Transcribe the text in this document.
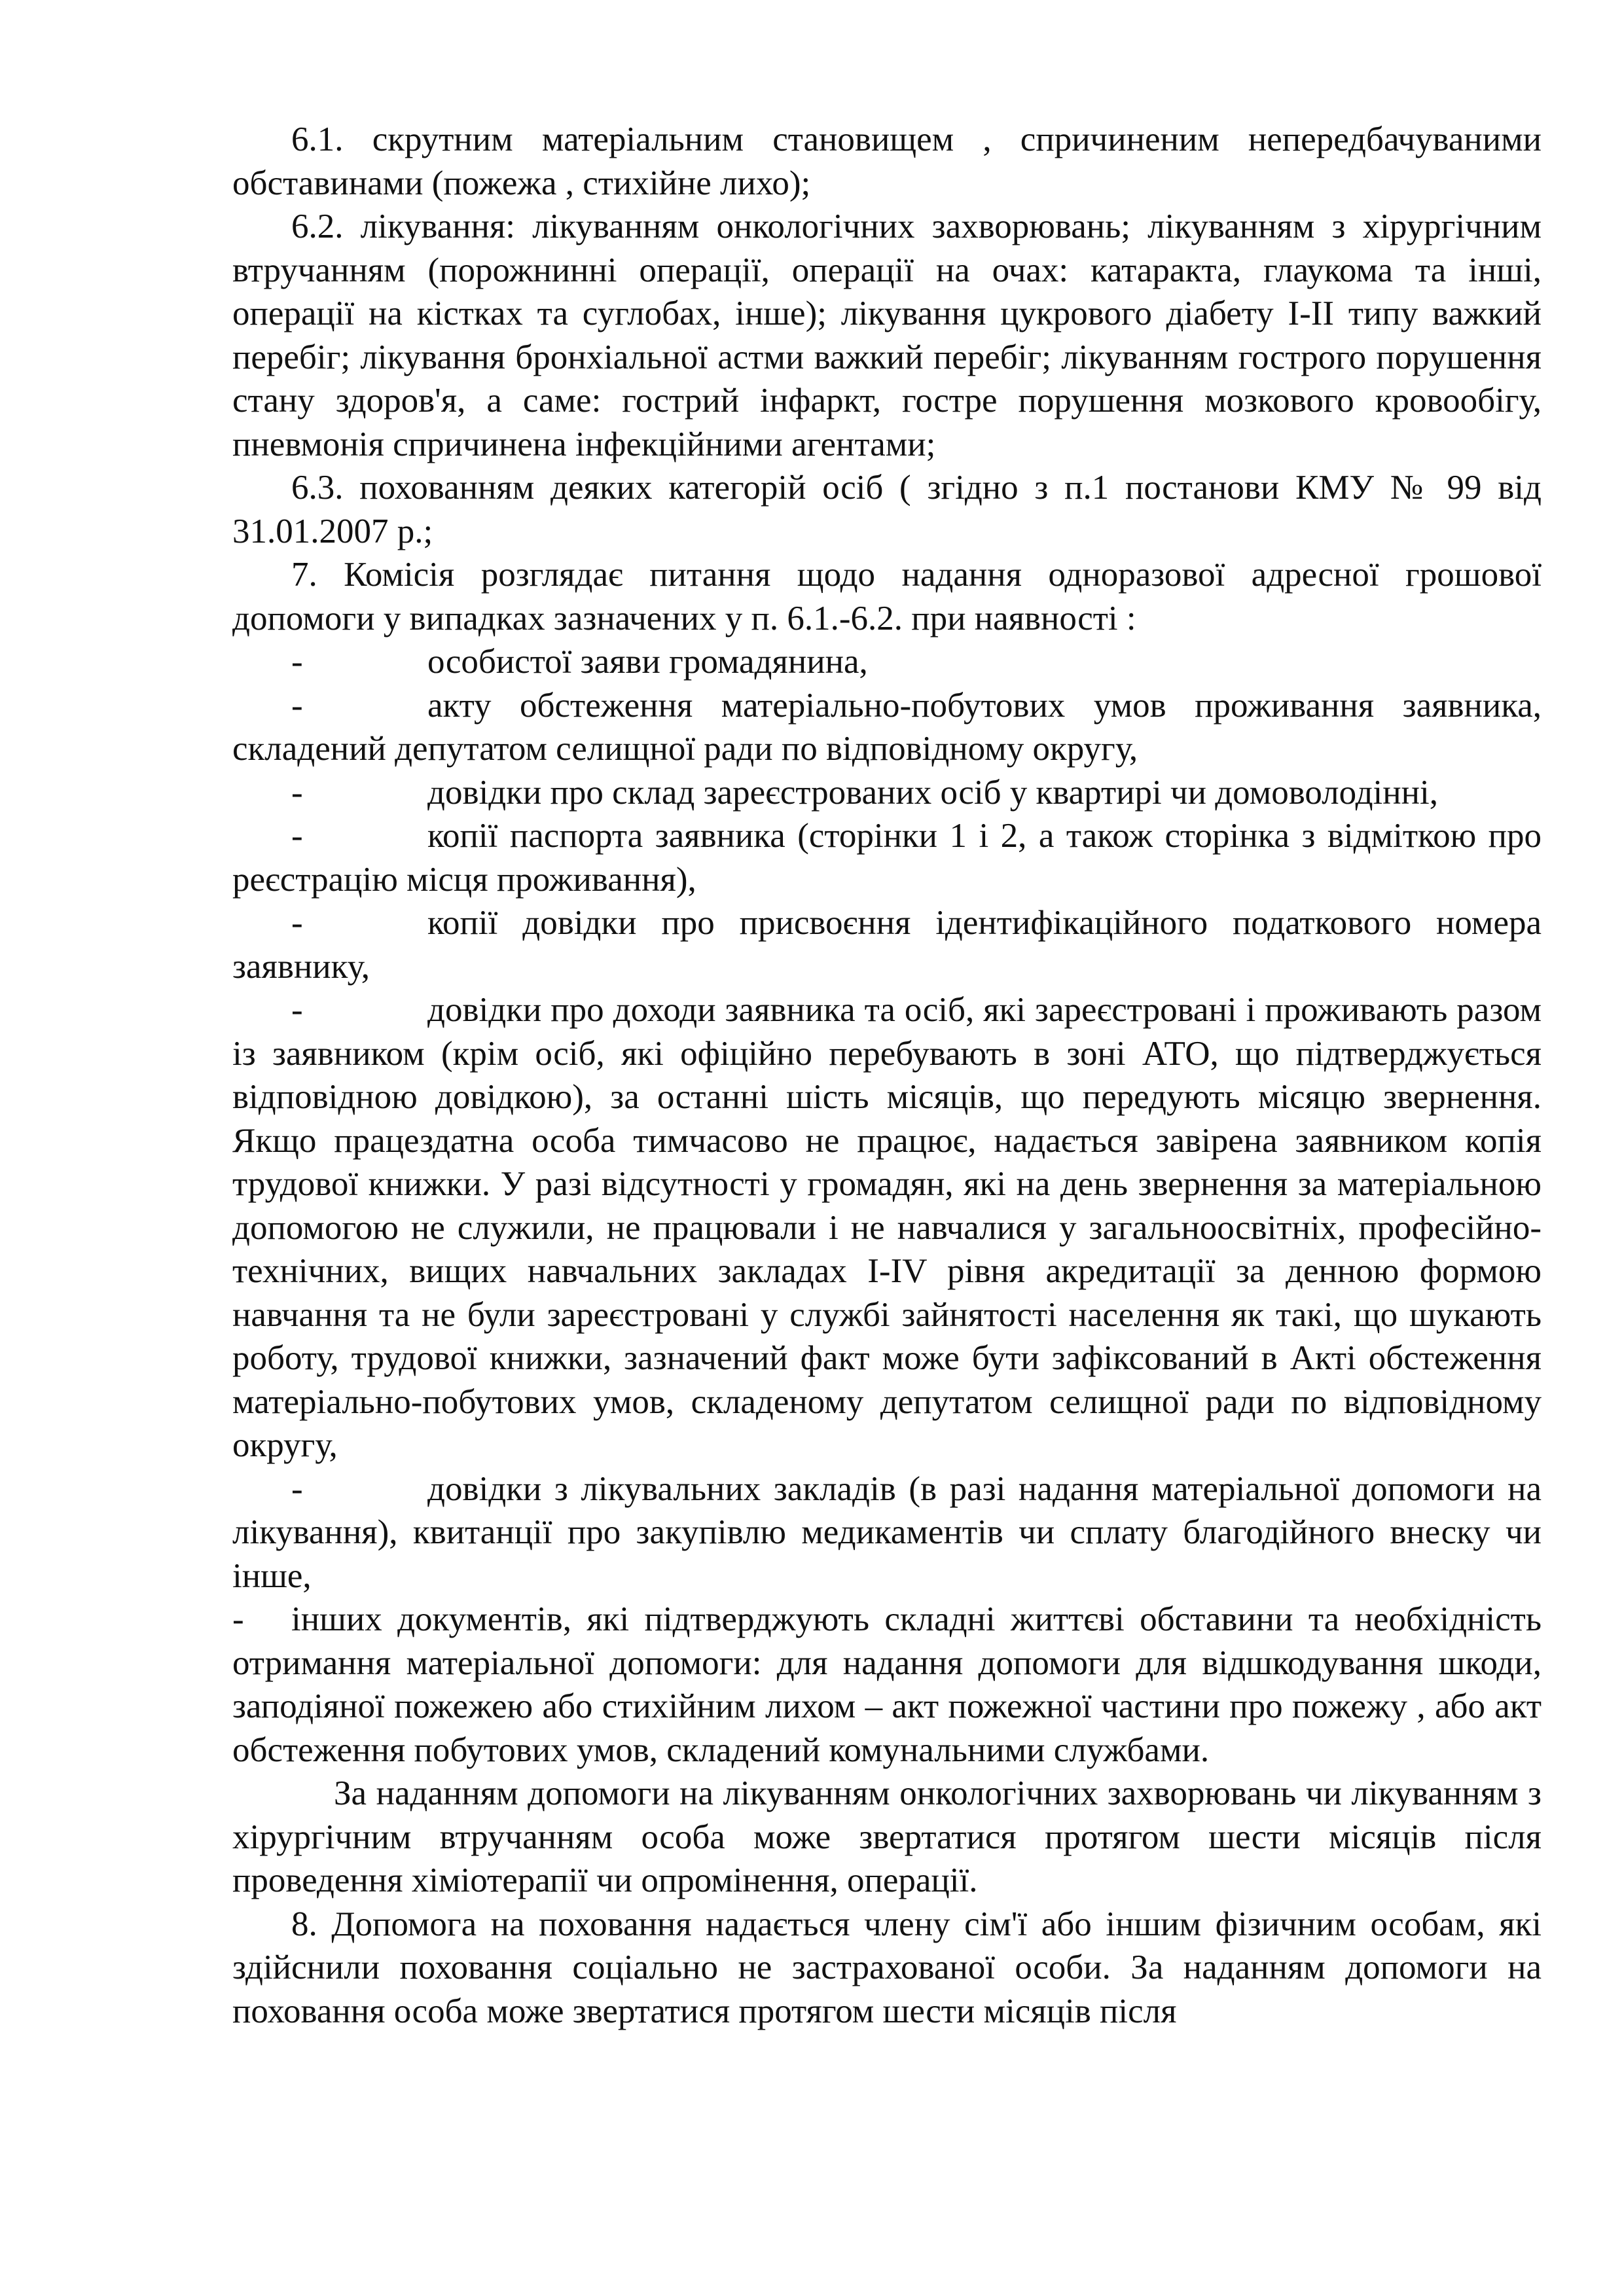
6.1. скрутним матеріальним становищем , спричиненим непередбачуваними обставинами (пожежа , стихійне лихо);

6.2. лікування: лікуванням онкологічних захворювань; лікуванням з хірургічним втручанням (порожнинні операції, операції на очах: катаракта, глаукома та інші, операції на кістках та суглобах, інше); лікування цукрового діабету I-II типу важкий перебіг; лікування бронхіальної астми важкий перебіг; лікуванням гострого порушення стану здоров'я, а саме: гострий інфаркт, гостре порушення мозкового кровообігу, пневмонія спричинена інфекційними агентами;

6.3. похованням деяких категорій осіб ( згідно з п.1 постанови КМУ № 99 від 31.01.2007 р.;

7. Комісія розглядає питання щодо надання одноразової адресної грошової допомоги у випадках зазначених у п. 6.1.-6.2. при наявності :

-	особистої заяви громадянина,

-	акту обстеження матеріально-побутових умов проживання заявника, складений депутатом селищної ради по відповідному округу,

-	довідки про склад зареєстрованих осіб у квартирі чи домоволодінні,

-	копії паспорта заявника (сторінки 1 і 2, а також сторінка з відміткою про реєстрацію місця проживання),

-	копії довідки про присвоєння ідентифікаційного податкового номера заявнику,

-	довідки про доходи заявника та осіб, які зареєстровані і проживають разом із заявником (крім осіб, які офіційно перебувають в зоні АТО, що підтверджується відповідною довідкою), за останні шість місяців, що передують місяцю звернення. Якщо працездатна особа тимчасово не працює, надається завірена заявником копія трудової книжки. У разі відсутності у громадян, які на день звернення за матеріальною допомогою не служили, не працювали і не навчалися у загальноосвітніх, професійно-технічних, вищих навчальних закладах I-IV рівня акредитації за денною формою навчання та не були зареєстровані у службі зайнятості населення як такі, що шукають роботу, трудової книжки, зазначений факт може бути зафіксований в Акті обстеження матеріально-побутових умов, складеному депутатом селищної ради по відповідному округу,

-	довідки з лікувальних закладів (в разі надання матеріальної допомоги на лікування), квитанції про закупівлю медикаментів чи сплату благодійного внеску чи інше,

- інших документів, які підтверджують складні життєві обставини та необхідність отримання матеріальної допомоги: для надання допомоги для відшкодування шкоди, заподіяної пожежею або стихійним лихом – акт пожежної частини про пожежу , або акт обстеження побутових умов, складений комунальними службами.

За наданням допомоги на лікуванням онкологічних захворювань чи лікуванням з хірургічним втручанням особа може звертатися протягом шести місяців після проведення хіміотерапії чи опромінення, операції.

8. Допомога на поховання надається члену сім'ї або іншим фізичним особам, які здійснили поховання соціально не застрахованої особи. За наданням допомоги на поховання особа може звертатися протягом шести місяців після
